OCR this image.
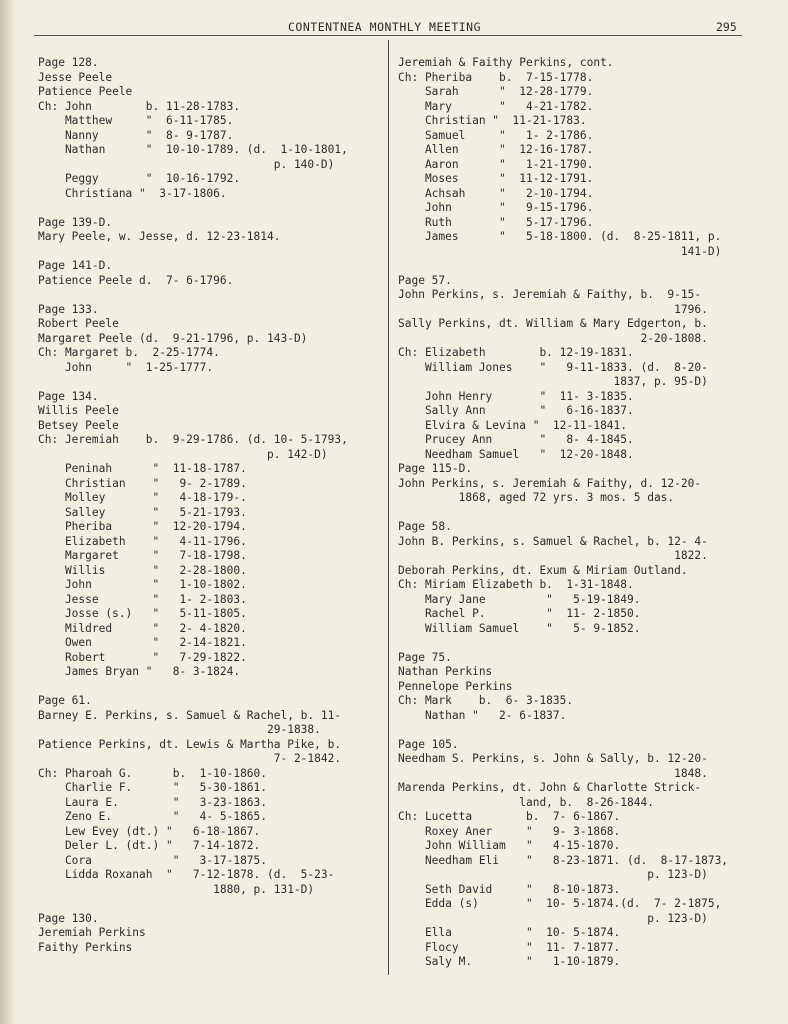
CONTENTNEA MONTHLY MEETING	295
Page 128.
Jesse Peele
Patience Peele
Ch: John        b. 11-28-1783.
Matthew     "  6-11-1785.
Nanny       "  8- 9-1787.
Nathan      "  10-10-1789. (d.  1-10-1801,
p. 140-D)
Peggy       "  10-16-1792.
Christiana "  3-17-1806.
Page 139-D.
Mary Peele, w. Jesse, d. 12-23-1814.
Page 141-D.
Patience Peele d.  7- 6-1796.
Page 133.
Robert Peele
Margaret Peele (d.  9-21-1796, p. 143-D)
Ch: Margaret b.  2-25-1774.
John     "  1-25-1777.
Page 134.
Willis Peele
Betsey Peele
Ch: Jeremiah    b.  9-29-1786. (d. 10- 5-1793,
p. 142-D)
Peninah      "  11-18-1787.
Christian    "   9- 2-1789.
Molley       "   4-18-179-.
Salley       "   5-21-1793.
Pheriba      "  12-20-1794.
Elizabeth    "   4-11-1796.
Margaret     "   7-18-1798.
Willis       "   2-28-1800.
John         "   1-10-1802.
Jesse        "   1- 2-1803.
Josse (s.)   "   5-11-1805.
Mildred      "   2- 4-1820.
Owen         "   2-14-1821.
Robert       "   7-29-1822.
James Bryan "   8- 3-1824.
Page 61.
Barney E. Perkins, s. Samuel & Rachel, b. 11-
29-1838.
Patience Perkins, dt. Lewis & Martha Pike, b.
7- 2-1842.
Ch: Pharoah G.      b.  1-10-1860.
Charlie F.      "   5-30-1861.
Laura E.        "   3-23-1863.
Zeno E.         "   4- 5-1865.
Lew Evey (dt.) "   6-18-1867.
Deler L. (dt.) "   7-14-1872.
Cora            "   3-17-1875.
Lidda Roxanah  "   7-12-1878. (d.  5-23-
1880, p. 131-D)
Page 130.
Jeremiah Perkins
Faithy Perkins
Jeremiah & Faithy Perkins, cont.
Ch: Pheriba    b.  7-15-1778.
Sarah      "  12-28-1779.
Mary       "   4-21-1782.
Christian "  11-21-1783.
Samuel     "   1- 2-1786.
Allen      "  12-16-1787.
Aaron      "   1-21-1790.
Moses      "  11-12-1791.
Achsah     "   2-10-1794.
John       "   9-15-1796.
Ruth       "   5-17-1796.
James      "   5-18-1800. (d.  8-25-1811, p.
141-D)
Page 57.
John Perkins, s. Jeremiah & Faithy, b.  9-15-
1796.
Sally Perkins, dt. William & Mary Edgerton, b.
2-20-1808.
Ch: Elizabeth        b. 12-19-1831.
William Jones    "   9-11-1833. (d.  8-20-
1837, p. 95-D)
John Henry       "  11- 3-1835.
Sally Ann        "   6-16-1837.
Elvira & Levina "  12-11-1841.
Prucey Ann       "   8- 4-1845.
Needham Samuel   "  12-20-1848.
Page 115-D.
John Perkins, s. Jeremiah & Faithy, d. 12-20-
1868, aged 72 yrs. 3 mos. 5 das.
Page 58.
John B. Perkins, s. Samuel & Rachel, b. 12- 4-
1822.
Deborah Perkins, dt. Exum & Miriam Outland.
Ch: Miriam Elizabeth b.  1-31-1848.
Mary Jane         "   5-19-1849.
Rachel P.         "  11- 2-1850.
William Samuel    "   5- 9-1852.
Page 75.
Nathan Perkins
Pennelope Perkins
Ch: Mark    b.  6- 3-1835.
Nathan "   2- 6-1837.
Page 105.
Needham S. Perkins, s. John & Sally, b. 12-20-
1848.
Marenda Perkins, dt. John & Charlotte Strick-
land, b.  8-26-1844.
Ch: Lucetta        b.  7- 6-1867.
Roxey Aner     "   9- 3-1868.
John William   "   4-15-1870.
Needham Eli    "   8-23-1871. (d.  8-17-1873,
p. 123-D)
Seth David     "   8-10-1873.
Edda (s)       "  10- 5-1874.(d.  7- 2-1875,
p. 123-D)
Ella           "  10- 5-1874.
Flocy          "  11- 7-1877.
Saly M.        "   1-10-1879.
